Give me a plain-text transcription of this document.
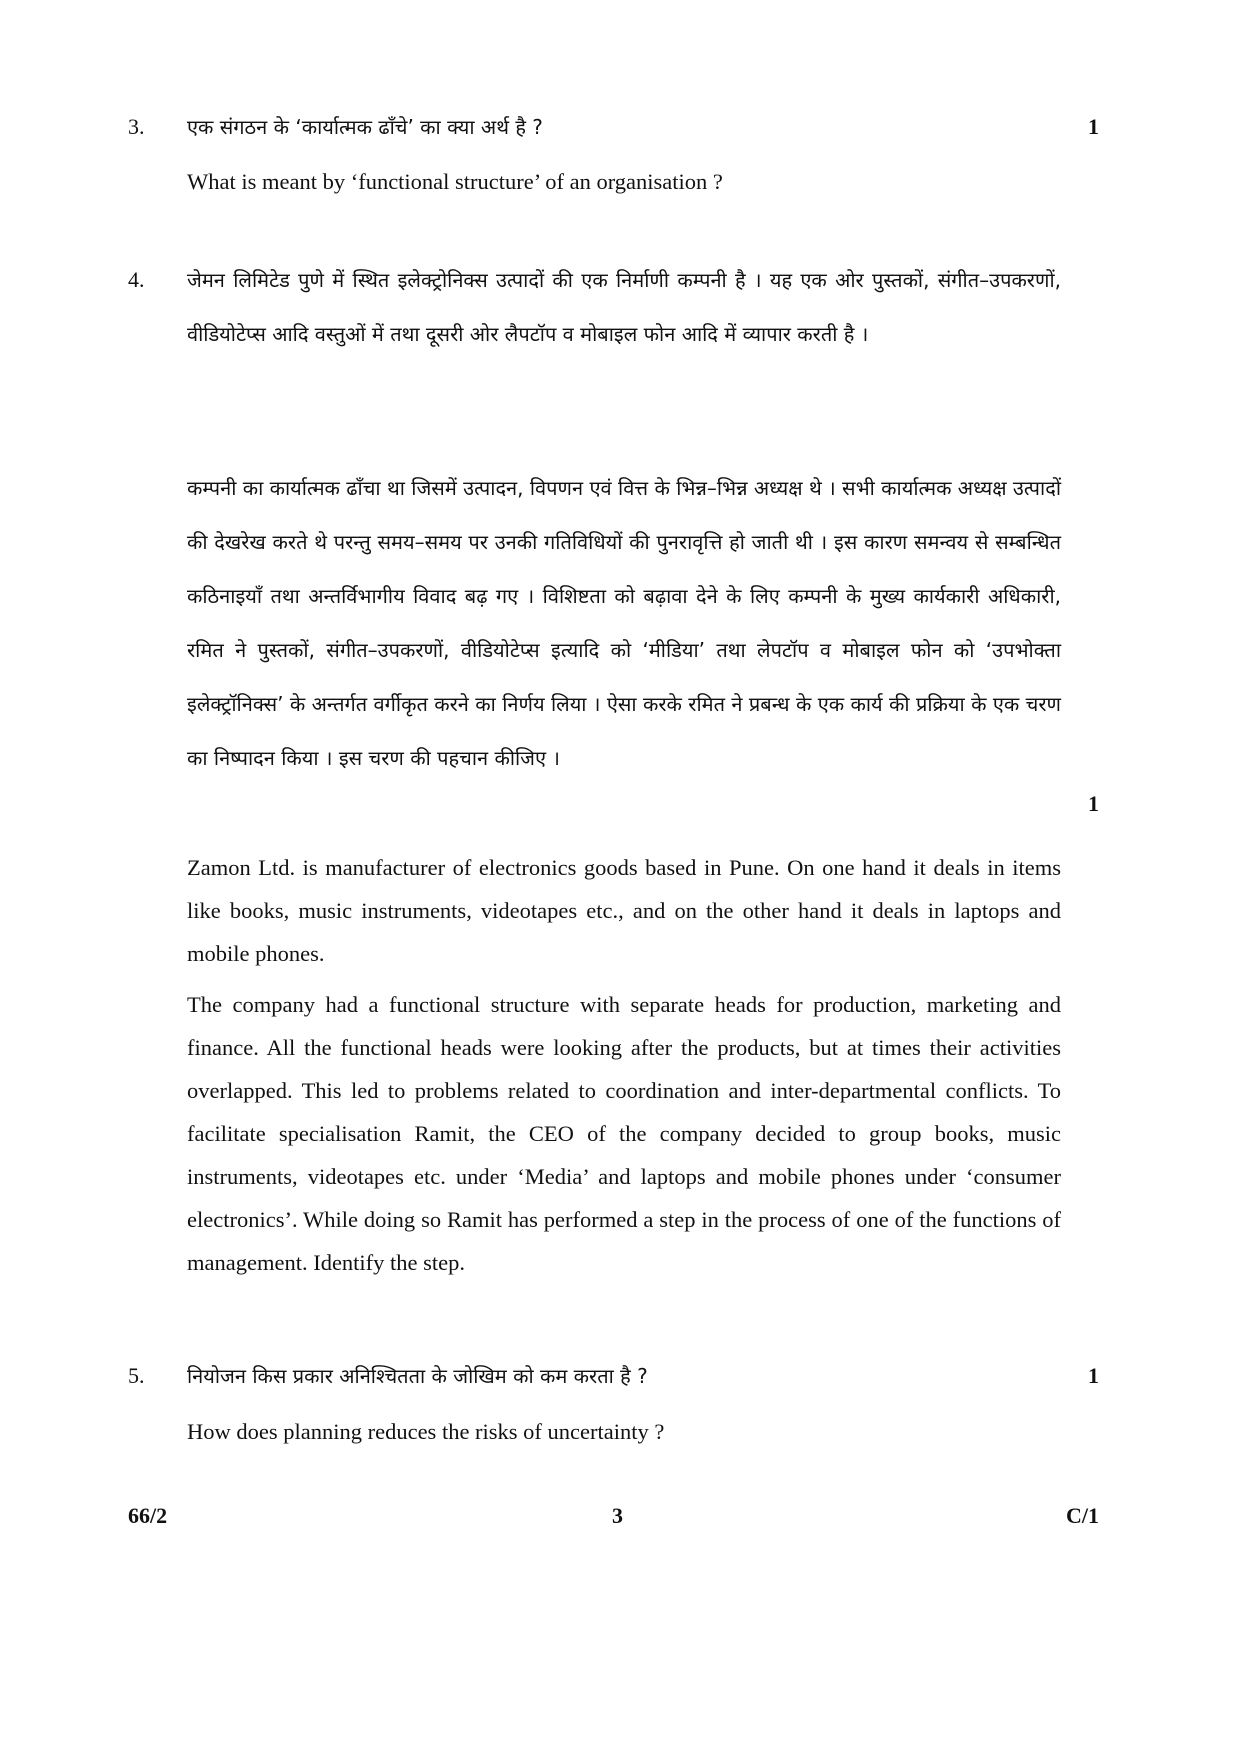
3.	1

एक संगठन के ‘कार्यात्मक ढाँचे’ का क्या अर्थ है ?

What is meant by ‘functional structure’ of an organisation ?

4. जेमन लिमिटेड पुणे में स्थित इलेक्ट्रोनिक्स उत्पादों की एक निर्माणी कम्पनी है । यह एक ओर पुस्तकों, संगीत–उपकरणों, वीडियोटेप्स आदि वस्तुओं में तथा दूसरी ओर लैपटॉप व मोबाइल फोन आदि में व्यापार करती है ।

कम्पनी का कार्यात्मक ढाँचा था जिसमें उत्पादन, विपणन एवं वित्त के भिन्न–भिन्न अध्यक्ष थे । सभी कार्यात्मक अध्यक्ष उत्पादों की देखरेख करते थे परन्तु समय–समय पर उनकी गतिविधियों की पुनरावृत्ति हो जाती थी । इस कारण समन्वय से सम्बन्धित कठिनाइयाँ तथा अन्तर्विभागीय विवाद बढ़ गए । विशिष्टता को बढ़ावा देने के लिए कम्पनी के मुख्य कार्यकारी अधिकारी, रमित ने पुस्तकों, संगीत–उपकरणों, वीडियोटेप्स इत्यादि को ‘मीडिया’ तथा लेपटॉप व मोबाइल फोन को ‘उपभोक्ता इलेक्ट्रॉनिक्स’ के अन्तर्गत वर्गीकृत करने का निर्णय लिया । ऐसा करके रमित ने प्रबन्ध के एक कार्य की प्रक्रिया के एक चरण का निष्पादन किया । इस चरण की पहचान कीजिए ।

1

Zamon Ltd. is manufacturer of electronics goods based in Pune. On one hand it deals in items like books, music instruments, videotapes etc., and on the other hand it deals in laptops and mobile phones.

The company had a functional structure with separate heads for production, marketing and finance. All the functional heads were looking after the products, but at times their activities overlapped. This led to problems related to coordination and inter-departmental conflicts. To facilitate specialisation Ramit, the CEO of the company decided to group books, music instruments, videotapes etc. under ‘Media’ and laptops and mobile phones under ‘consumer electronics’. While doing so Ramit has performed a step in the process of one of the functions of management. Identify the step.

5.	1

नियोजन किस प्रकार अनिश्चितता के जोखिम को कम करता है ?

How does planning reduces the risks of uncertainty ?

66/2	3	C/1
